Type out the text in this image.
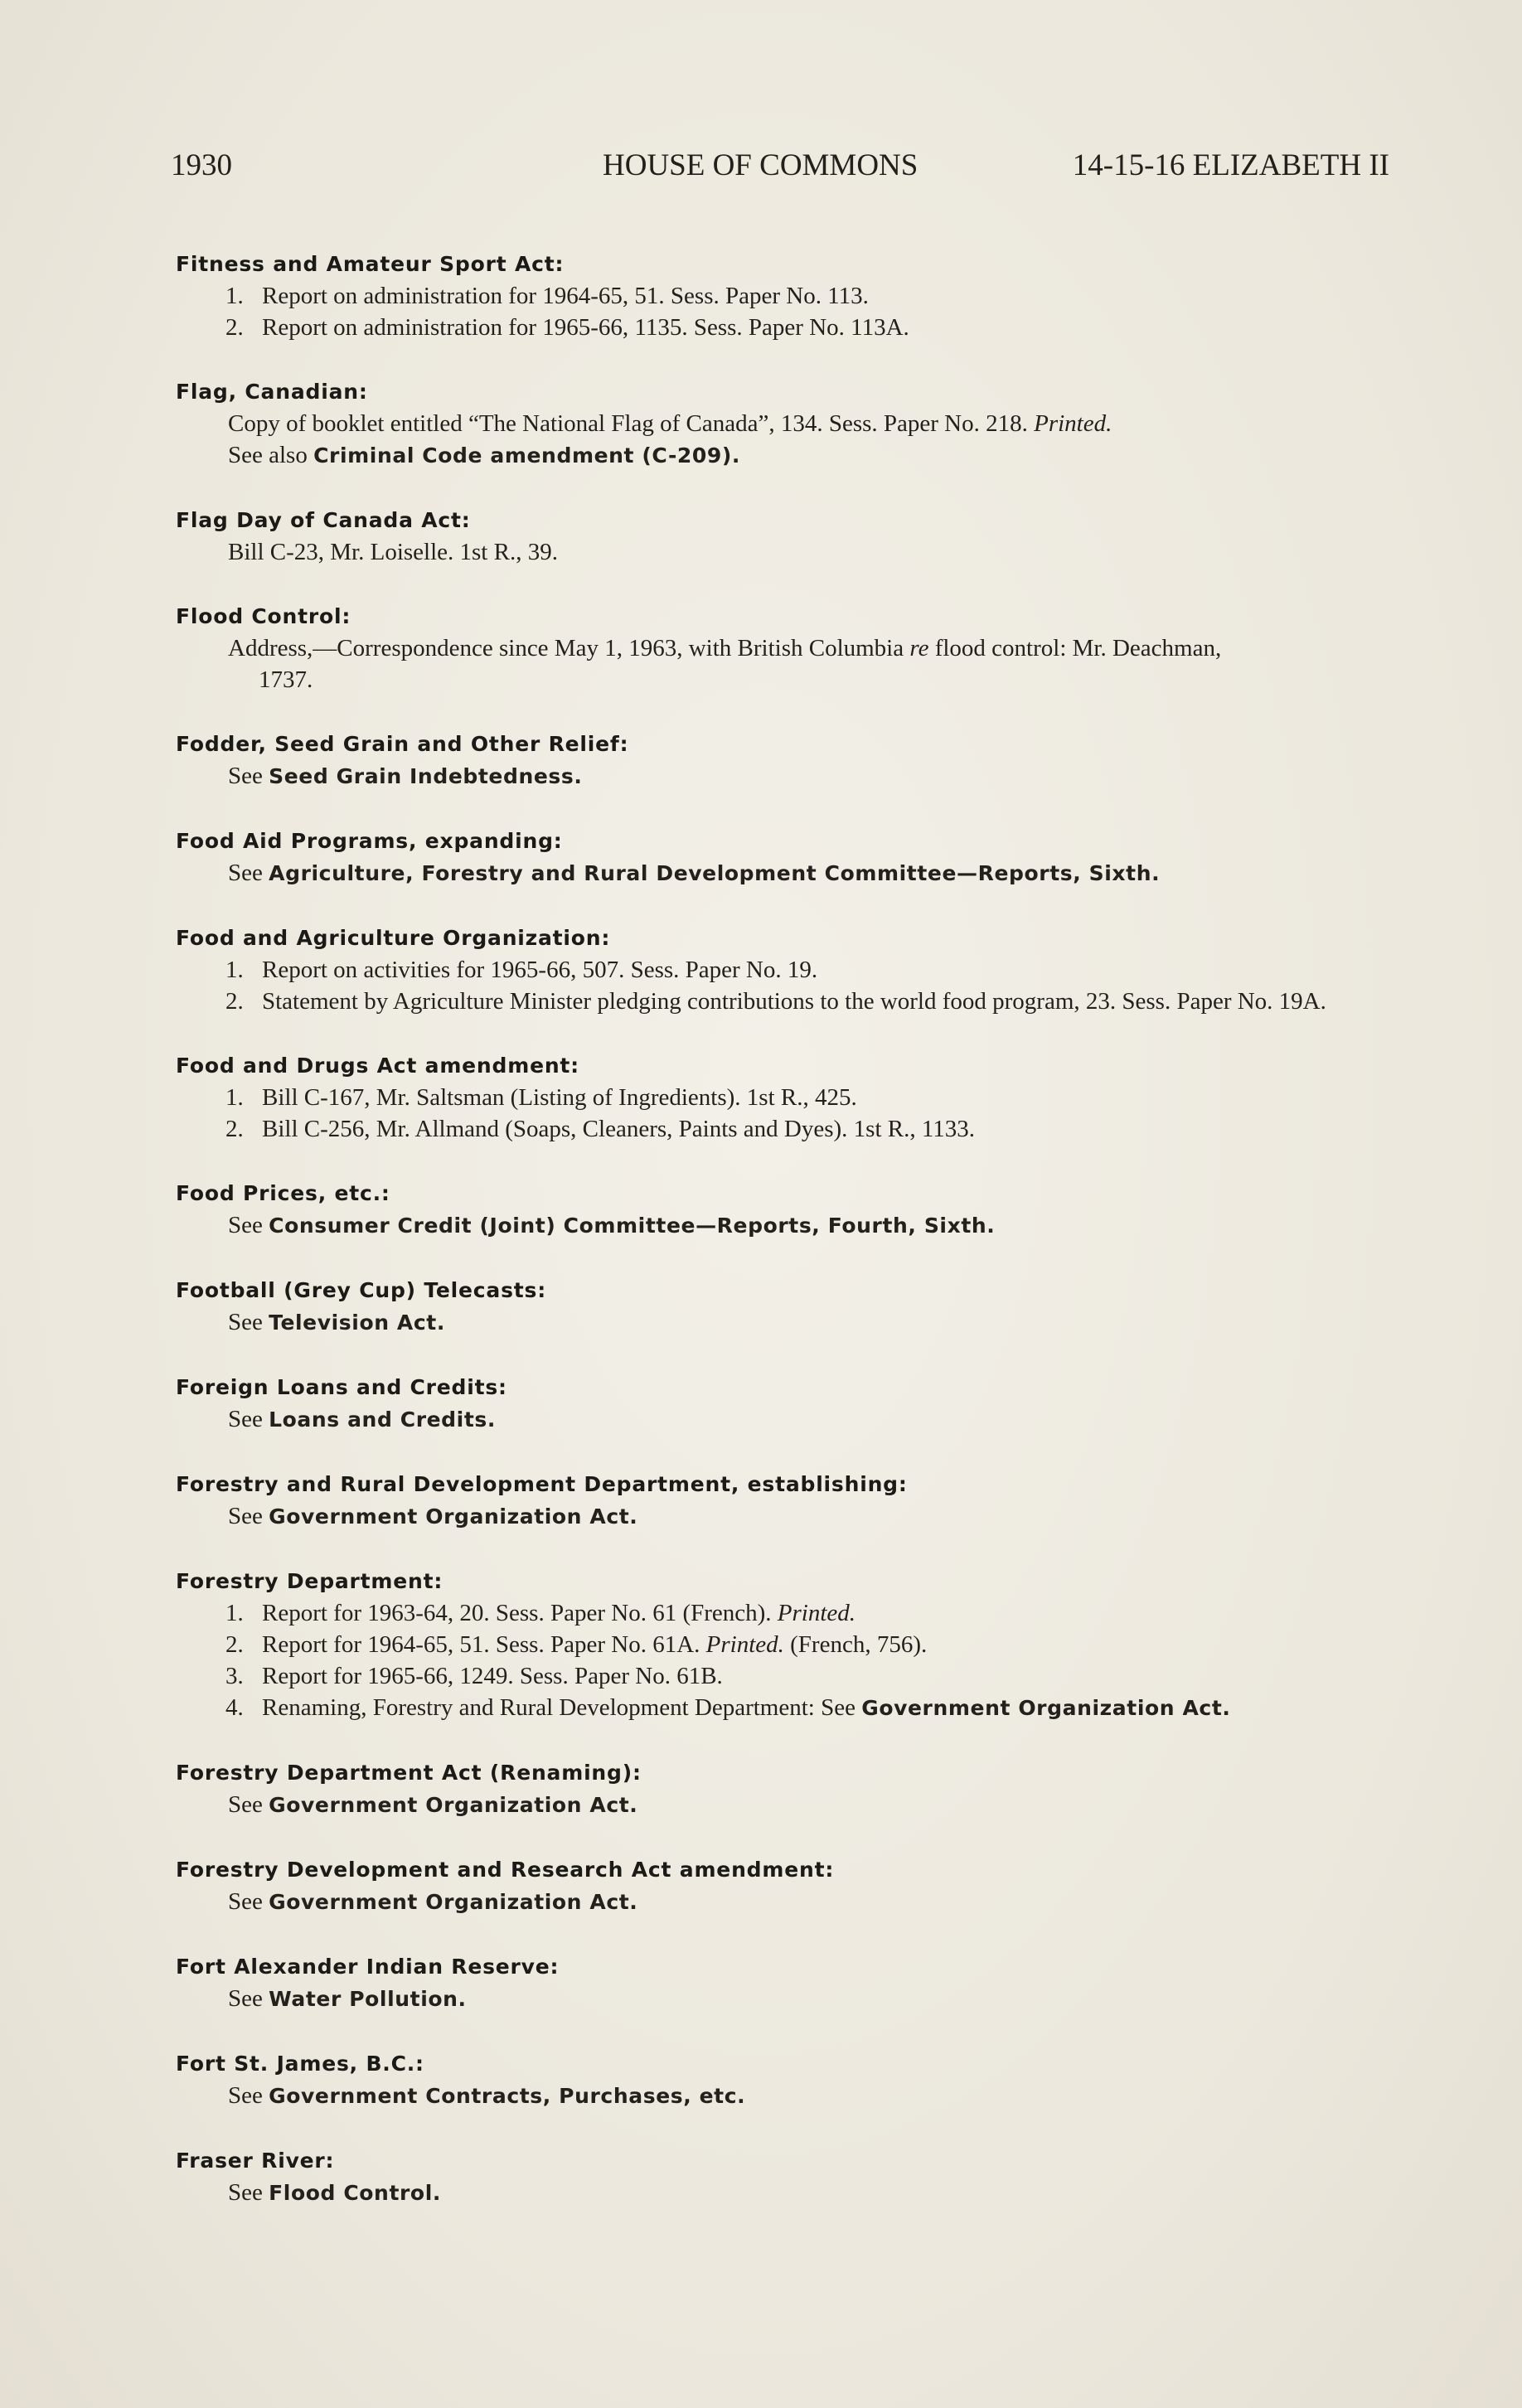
1930	HOUSE OF COMMONS	14-15-16 ELIZABETH II
Fitness and Amateur Sport Act:
1. Report on administration for 1964-65, 51. Sess. Paper No. 113.
2. Report on administration for 1965-66, 1135. Sess. Paper No. 113A.
Flag, Canadian:
Copy of booklet entitled “The National Flag of Canada”, 134. Sess. Paper No. 218. Printed.
See also Criminal Code amendment (C-209).
Flag Day of Canada Act:
Bill C-23, Mr. Loiselle. 1st R., 39.
Flood Control:
Address,—Correspondence since May 1, 1963, with British Columbia re flood control: Mr. Deachman,
1737.
Fodder, Seed Grain and Other Relief:
See Seed Grain Indebtedness.
Food Aid Programs, expanding:
See Agriculture, Forestry and Rural Development Committee—Reports, Sixth.
Food and Agriculture Organization:
1. Report on activities for 1965-66, 507. Sess. Paper No. 19.
2. Statement by Agriculture Minister pledging contributions to the world food program, 23. Sess. Paper No. 19A.
Food and Drugs Act amendment:
1. Bill C-167, Mr. Saltsman (Listing of Ingredients). 1st R., 425.
2. Bill C-256, Mr. Allmand (Soaps, Cleaners, Paints and Dyes). 1st R., 1133.
Food Prices, etc.:
See Consumer Credit (Joint) Committee—Reports, Fourth, Sixth.
Football (Grey Cup) Telecasts:
See Television Act.
Foreign Loans and Credits:
See Loans and Credits.
Forestry and Rural Development Department, establishing:
See Government Organization Act.
Forestry Department:
1. Report for 1963-64, 20. Sess. Paper No. 61 (French). Printed.
2. Report for 1964-65, 51. Sess. Paper No. 61A. Printed. (French, 756).
3. Report for 1965-66, 1249. Sess. Paper No. 61B.
4. Renaming, Forestry and Rural Development Department: See Government Organization Act.
Forestry Department Act (Renaming):
See Government Organization Act.
Forestry Development and Research Act amendment:
See Government Organization Act.
Fort Alexander Indian Reserve:
See Water Pollution.
Fort St. James, B.C.:
See Government Contracts, Purchases, etc.
Fraser River:
See Flood Control.
